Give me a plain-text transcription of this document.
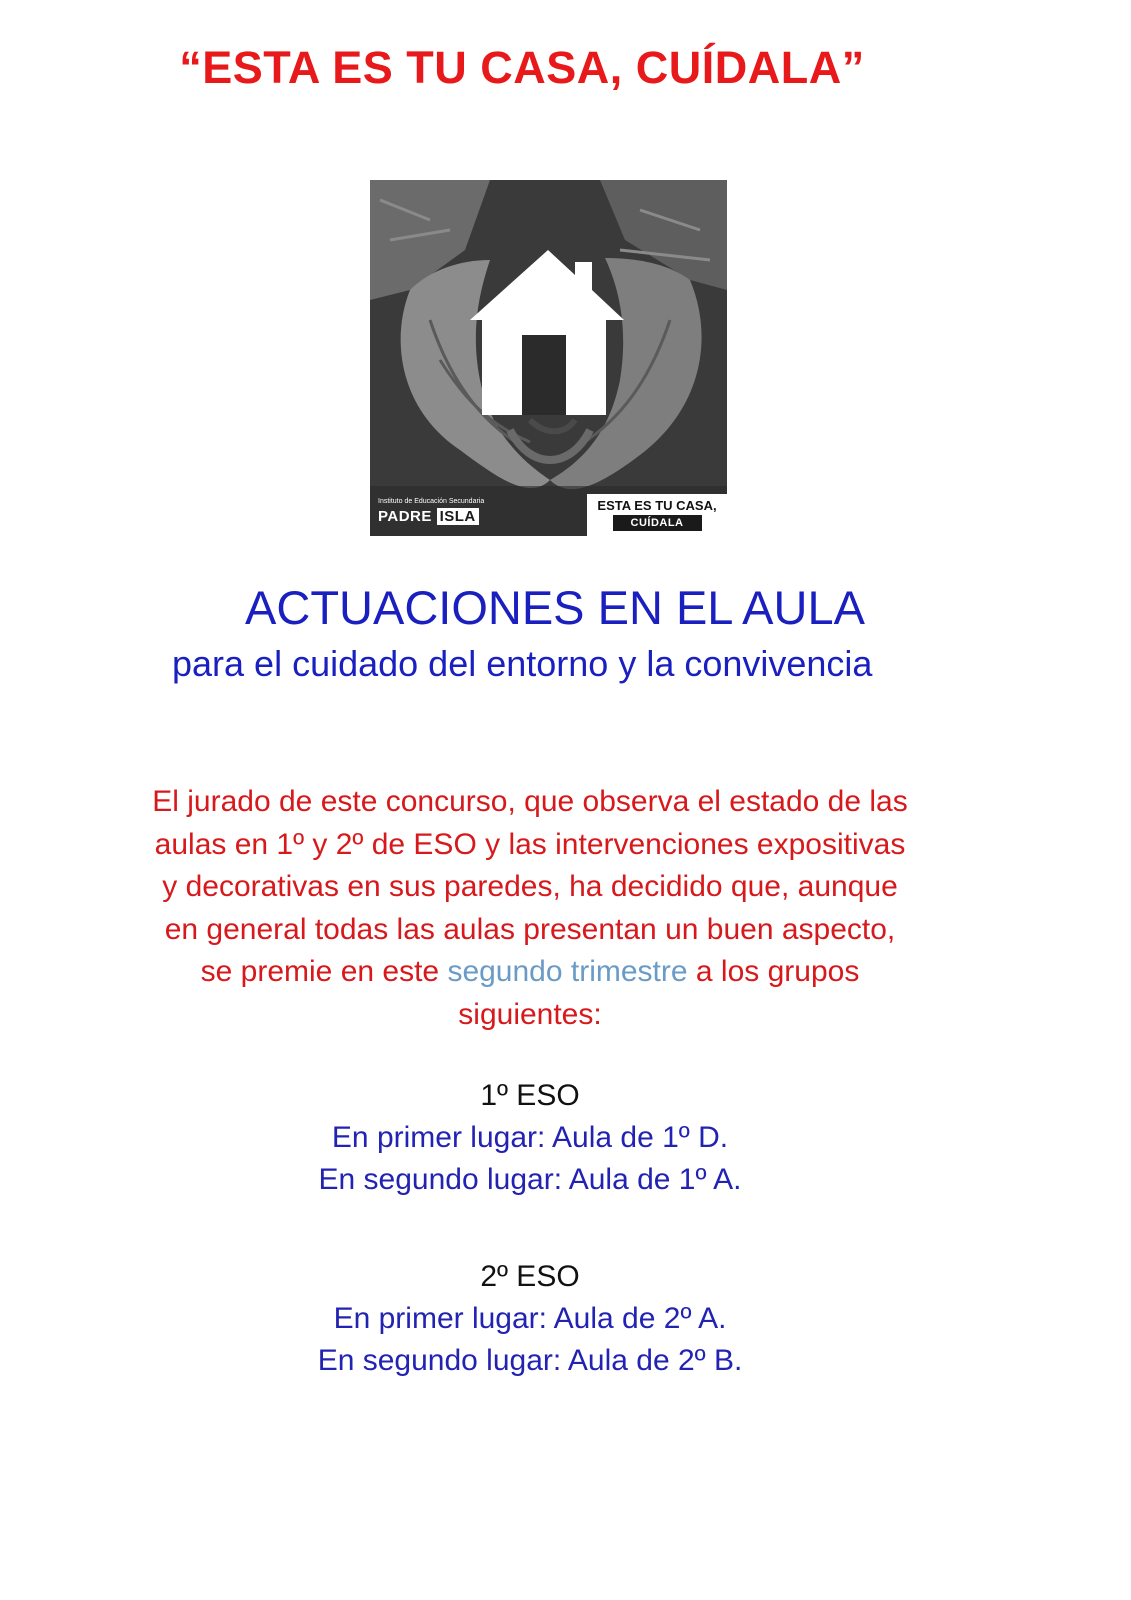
“ESTA ES TU CASA, CUÍDALA”
Instituto de Educación Secundaria
PADRE ISLA
ESTA ES TU CASA,
CUÍDALA
ACTUACIONES EN EL AULA

para el cuidado del entorno y la convivencia

El jurado de este concurso, que observa el estado de las
aulas en 1º y 2º de ESO y las intervenciones expositivas
y decorativas en sus paredes, ha decidido que, aunque
en general todas las aulas presentan un buen aspecto,
se premie en este segundo trimestre a los grupos
siguientes:

1º ESO
En primer lugar: Aula de 1º D.
En segundo lugar: Aula de 1º A.
2º ESO
En primer lugar: Aula de 2º A.
En segundo lugar: Aula de 2º B.
